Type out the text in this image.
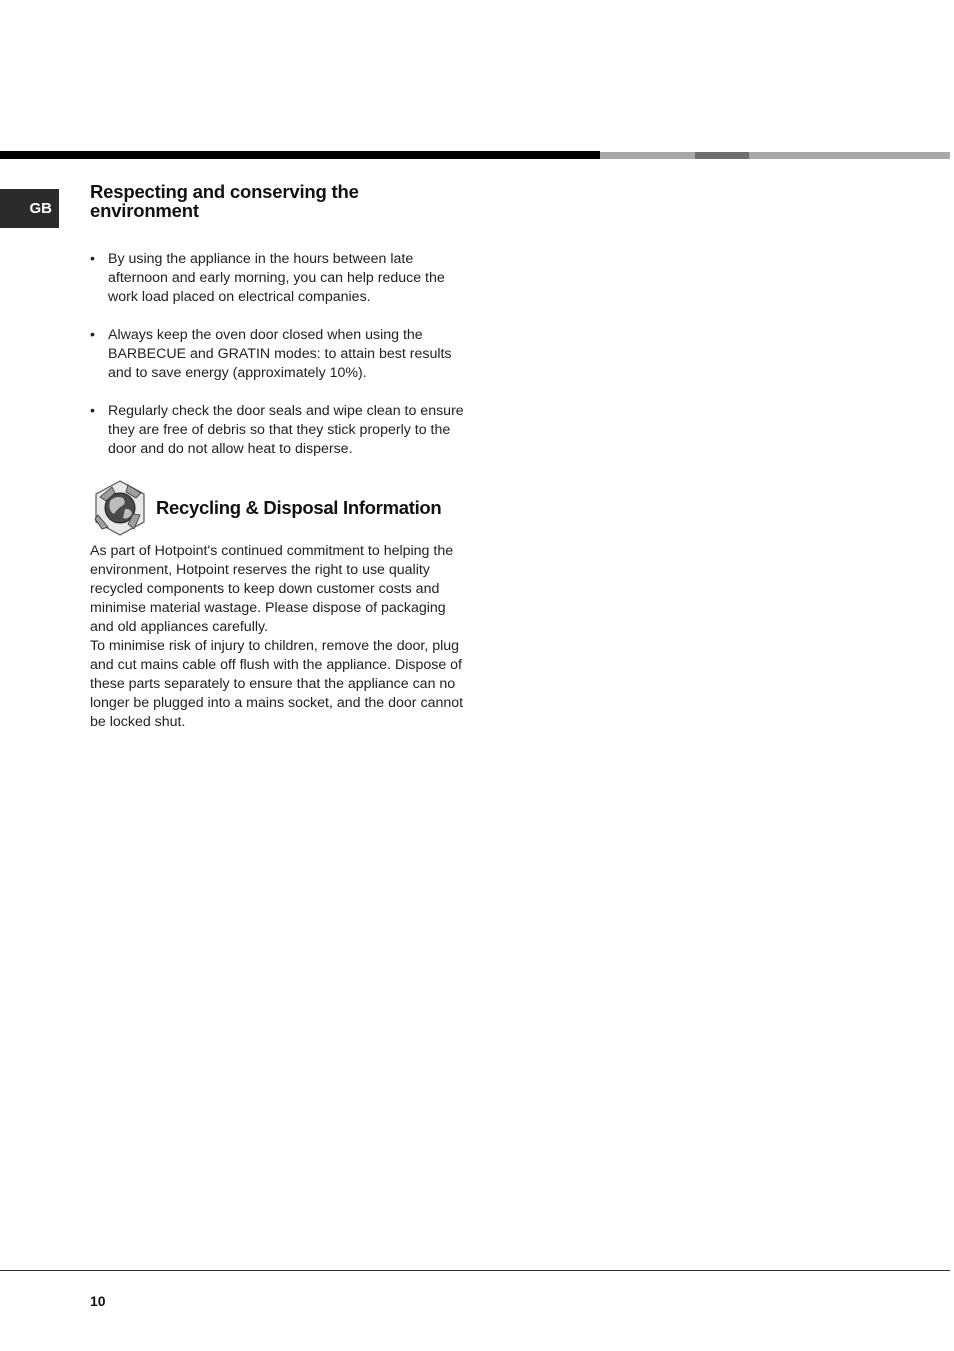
GB
Respecting and conserving the environment
• By using the appliance in the hours between late afternoon and early morning, you can help reduce the work load placed on electrical companies.
• Always keep the oven door closed when using the BARBECUE and GRATIN modes: to attain best results and to save energy (approximately 10%).
• Regularly check the door seals and wipe clean to ensure they are free of debris so that they stick properly to the door and do not allow heat to disperse.
Recycling & Disposal Information

As part of Hotpoint's continued commitment to helping the environment, Hotpoint reserves the right to use quality recycled components to keep down customer costs and minimise material wastage. Please dispose of packaging and old appliances carefully.

To minimise risk of injury to children, remove the door, plug and cut mains cable off flush with the appliance. Dispose of these parts separately to ensure that the appliance can no longer be plugged into a mains socket, and the door cannot be locked shut.

10
